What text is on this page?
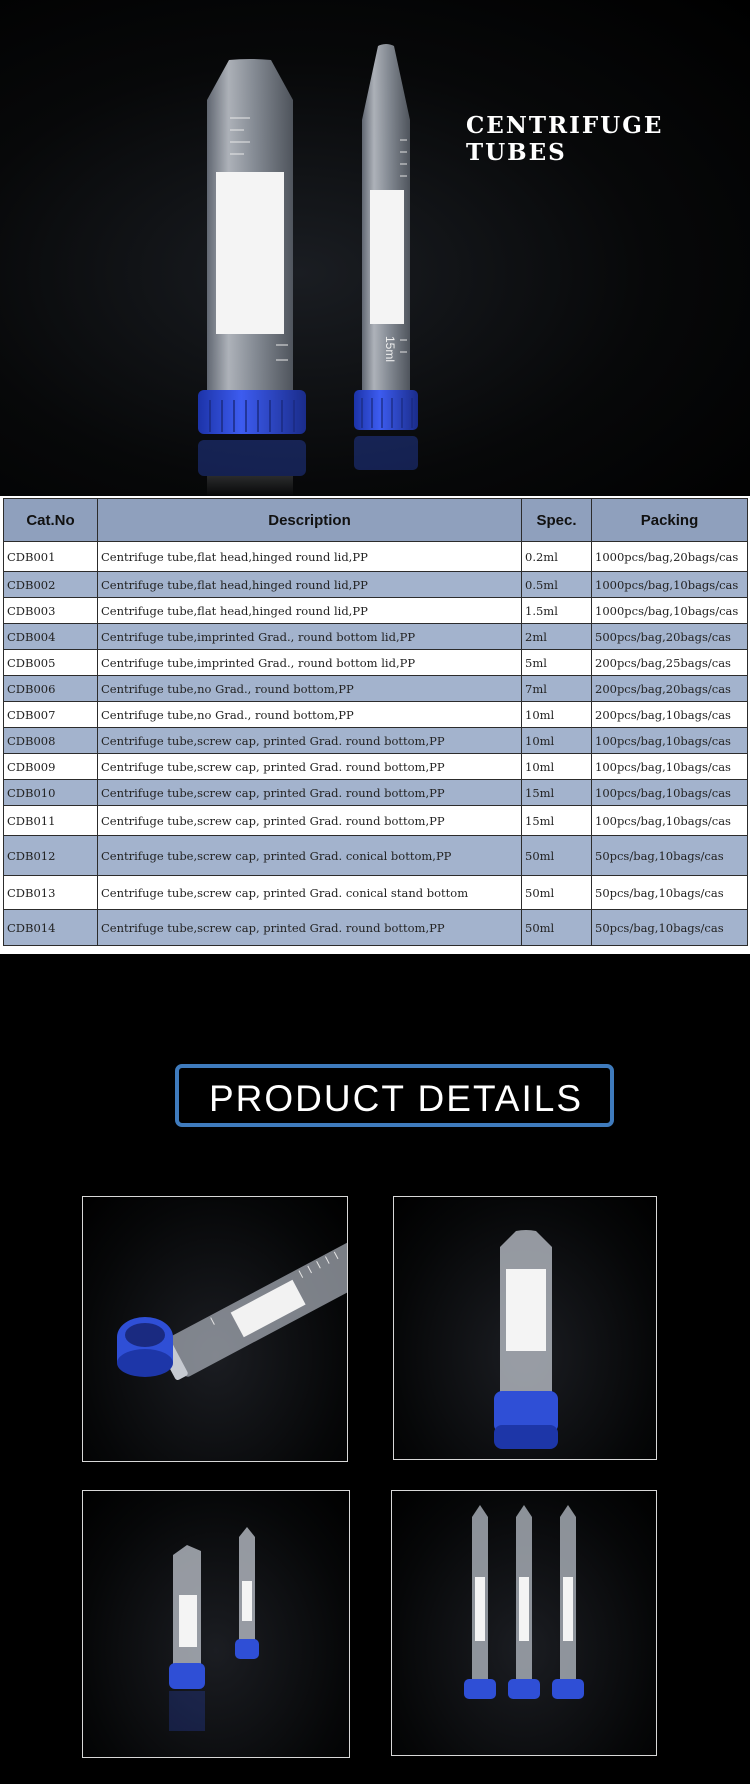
15ml
CENTRIFUGE TUBES
Cat.No	Description	Spec.	Packing
CDB001	Centrifuge tube,flat head,hinged round lid,PP	0.2ml	1000pcs/bag,20bags/cas
CDB002	Centrifuge tube,flat head,hinged round lid,PP	0.5ml	1000pcs/bag,10bags/cas
CDB003	Centrifuge tube,flat head,hinged round lid,PP	1.5ml	1000pcs/bag,10bags/cas
CDB004	Centrifuge tube,imprinted Grad., round bottom lid,PP	2ml	500pcs/bag,20bags/cas
CDB005	Centrifuge tube,imprinted Grad., round bottom lid,PP	5ml	200pcs/bag,25bags/cas
CDB006	Centrifuge tube,no Grad., round bottom,PP	7ml	200pcs/bag,20bags/cas
CDB007	Centrifuge tube,no Grad., round bottom,PP	10ml	200pcs/bag,10bags/cas
CDB008	Centrifuge tube,screw cap, printed Grad. round bottom,PP	10ml	100pcs/bag,10bags/cas
CDB009	Centrifuge tube,screw cap, printed Grad. round bottom,PP	10ml	100pcs/bag,10bags/cas
CDB010	Centrifuge tube,screw cap, printed Grad. round bottom,PP	15ml	100pcs/bag,10bags/cas
CDB011	Centrifuge tube,screw cap, printed Grad. round bottom,PP	15ml	100pcs/bag,10bags/cas
CDB012	Centrifuge tube,screw cap, printed Grad. conical bottom,PP	50ml	50pcs/bag,10bags/cas
CDB013	Centrifuge tube,screw cap, printed Grad. conical stand bottom	50ml	50pcs/bag,10bags/cas
CDB014	Centrifuge tube,screw cap, printed Grad. round bottom,PP	50ml	50pcs/bag,10bags/cas
PRODUCT DETAILS
